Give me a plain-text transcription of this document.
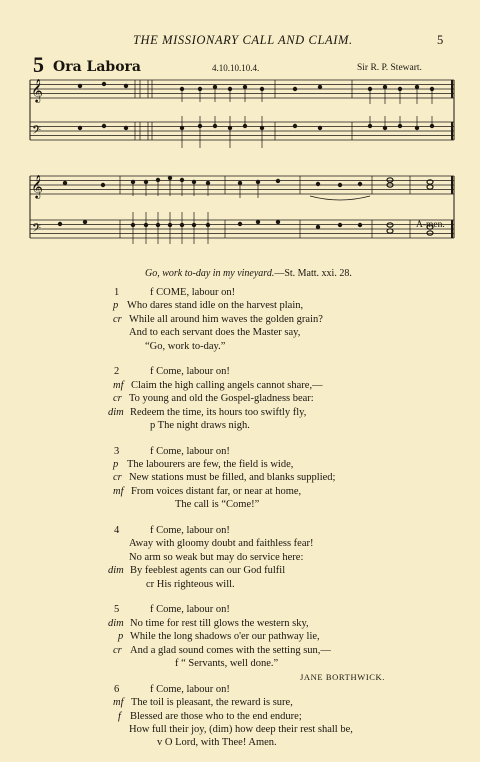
THE MISSIONARY CALL AND CLAIM.	5
5 Ora Labora	4.10.10.10.4.	Sir R. P. Stewart.
𝄞
𝄢
𝄞
𝄢	A-men.
Go, work to-day in my vineyard.—St. Matt. xxi. 28.
1	f COME, labour on!
p Who dares stand idle on the harvest plain,
cr While all around him waves the golden grain?
And to each servant does the Master say,
“Go, work to-day.”
2	f Come, labour on!
mf Claim the high calling angels cannot share,—
cr To young and old the Gospel-gladness bear:
dim Redeem the time, its hours too swiftly fly,
p The night draws nigh.
3	f Come, labour on!
p The labourers are few, the field is wide,
cr New stations must be filled, and blanks supplied;
mf From voices distant far, or near at home,
The call is “Come!”
4	f Come, labour on!
Away with gloomy doubt and faithless fear!
No arm so weak but may do service here:
dim By feeblest agents can our God fulfil
cr His righteous will.
5	f Come, labour on!
dim No time for rest till glows the western sky,
p While the long shadows o'er our pathway lie,
cr And a glad sound comes with the setting sun,—
f “ Servants, well done.”
6	f Come, labour on!
mf The toil is pleasant, the reward is sure,
f Blessed are those who to the end endure;
How full their joy, (dim) how deep their rest shall be,
v O Lord, with Thee! Amen.
JANE BORTHWICK.
